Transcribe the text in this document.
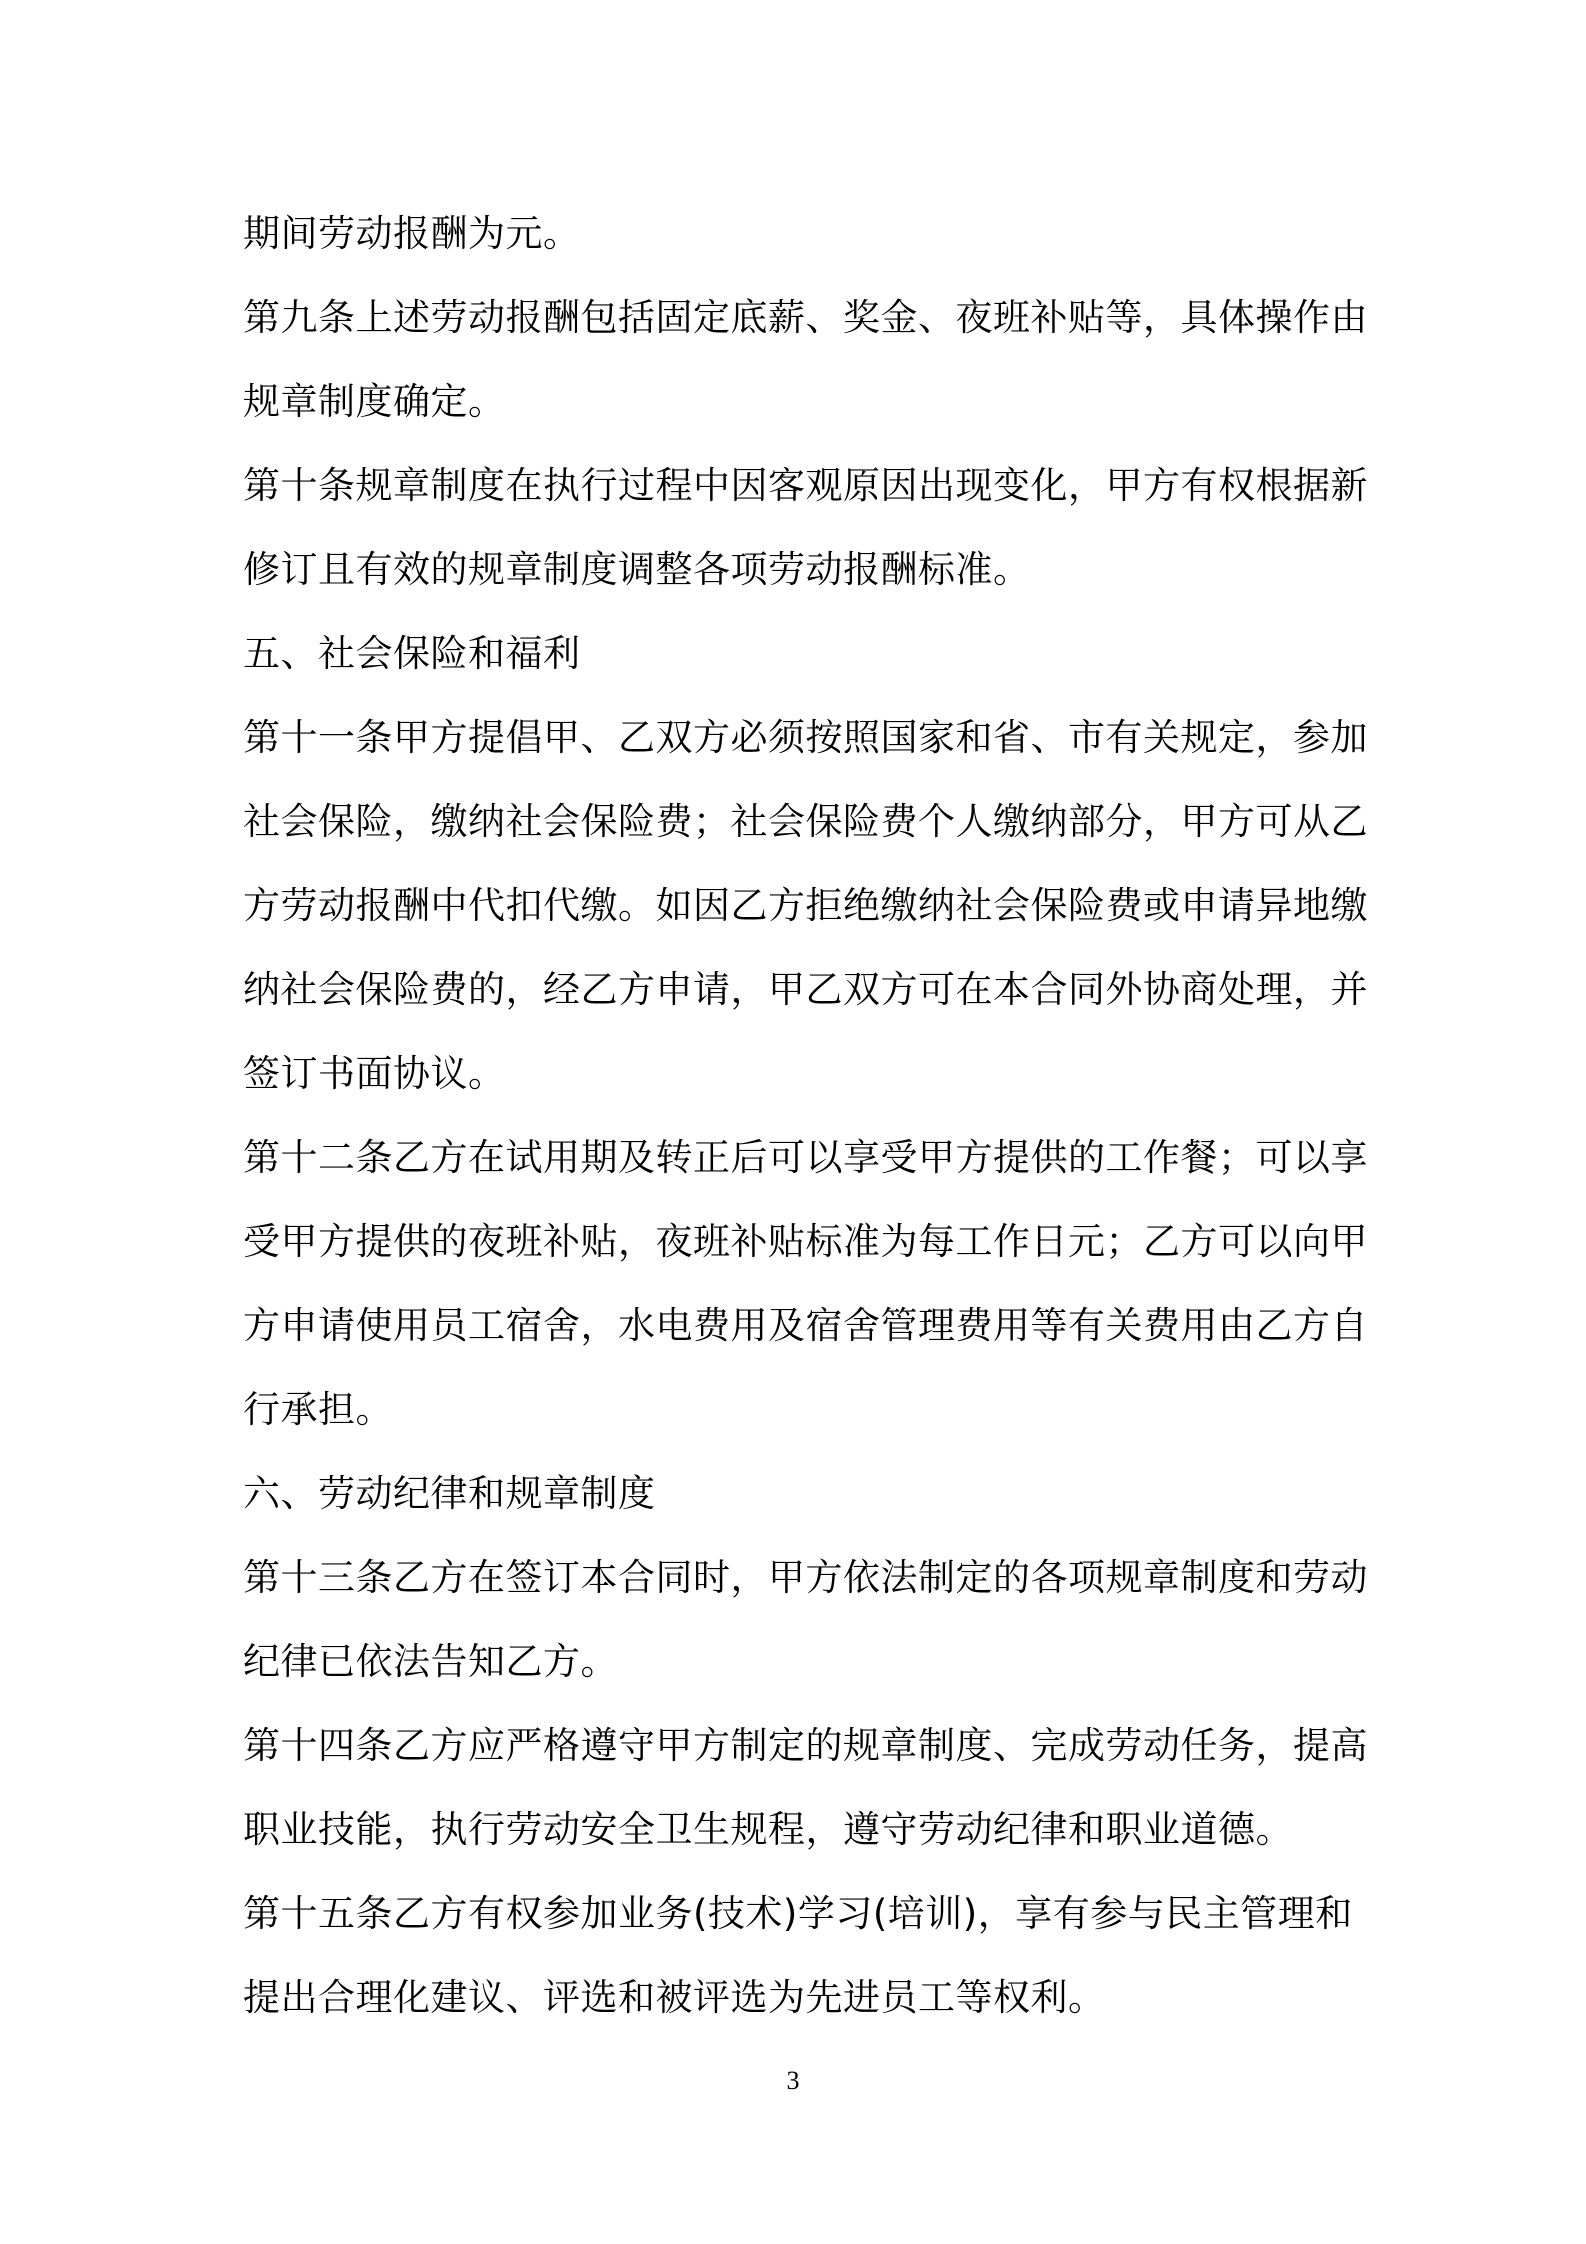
期间劳动报酬为元。
第九条上述劳动报酬包括固定底薪、奖金、夜班补贴等，具体操作由
规章制度确定。
第十条规章制度在执行过程中因客观原因出现变化，甲方有权根据新
修订且有效的规章制度调整各项劳动报酬标准。
五、社会保险和福利
第十一条甲方提倡甲、乙双方必须按照国家和省、市有关规定，参加
社会保险，缴纳社会保险费；社会保险费个人缴纳部分，甲方可从乙
方劳动报酬中代扣代缴。如因乙方拒绝缴纳社会保险费或申请异地缴
纳社会保险费的，经乙方申请，甲乙双方可在本合同外协商处理，并
签订书面协议。
第十二条乙方在试用期及转正后可以享受甲方提供的工作餐；可以享
受甲方提供的夜班补贴，夜班补贴标准为每工作日元；乙方可以向甲
方申请使用员工宿舍，水电费用及宿舍管理费用等有关费用由乙方自
行承担。
六、劳动纪律和规章制度
第十三条乙方在签订本合同时，甲方依法制定的各项规章制度和劳动
纪律已依法告知乙方。
第十四条乙方应严格遵守甲方制定的规章制度、完成劳动任务，提高
职业技能，执行劳动安全卫生规程，遵守劳动纪律和职业道德。
第十五条乙方有权参加业务(技术)学习(培训)，享有参与民主管理和
提出合理化建议、评选和被评选为先进员工等权利。
3
